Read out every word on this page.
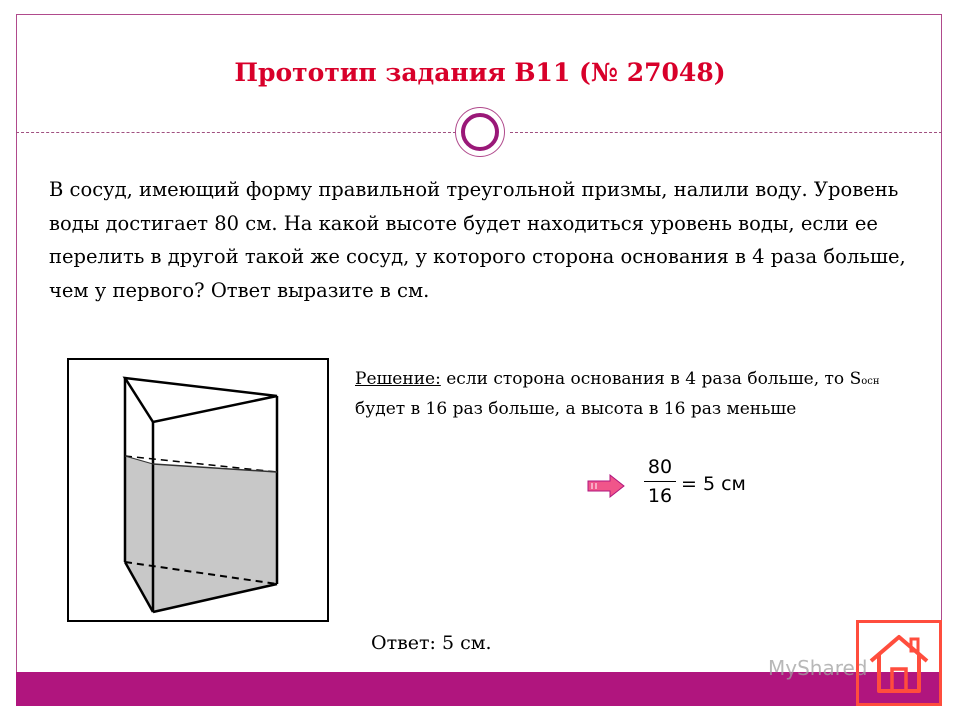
Прототип задания B11 (№ 27048)
В сосуд, имеющий форму правильной треугольной призмы, налили воду. Уровень воды достигает 80 см. На какой высоте будет находиться уровень воды, если ее перелить в другой такой же сосуд, у которого сторона основания в 4 раза больше, чем у первого? Ответ выразите в см.
Решение: если сторона основания в 4 раза больше, то Sосн будет в 16 раз больше, а высота в 16 раз меньше
80
16
= 5 см
Ответ: 5 см.
MyShared
